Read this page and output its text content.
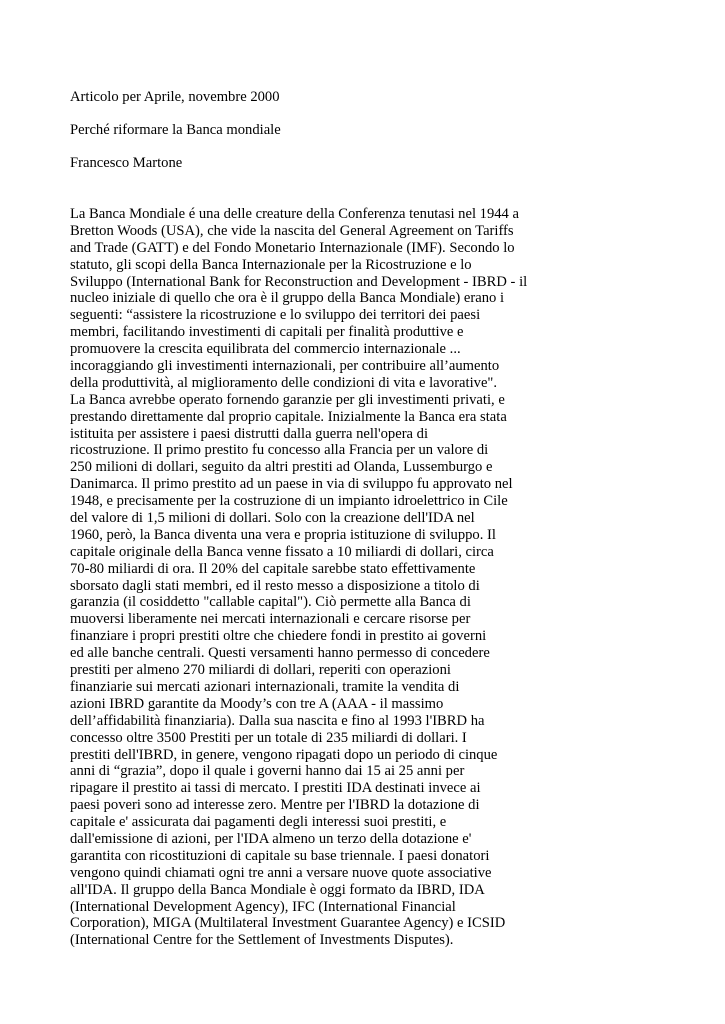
Articolo per Aprile, novembre 2000
Perché riformare la Banca mondiale
Francesco Martone
La Banca Mondiale é una delle creature della Conferenza tenutasi nel 1944 a
Bretton Woods (USA), che vide la nascita del General Agreement on Tariffs
and Trade (GATT) e del Fondo Monetario Internazionale (IMF). Secondo lo
statuto, gli scopi della Banca Internazionale per la Ricostruzione e lo
Sviluppo (International Bank for Reconstruction and Development - IBRD - il
nucleo iniziale di quello che ora è il gruppo della Banca Mondiale) erano i
seguenti: “assistere la ricostruzione e lo sviluppo dei territori dei paesi
membri, facilitando investimenti di capitali per finalità produttive e
promuovere la crescita equilibrata del commercio internazionale ...
incoraggiando gli investimenti internazionali, per contribuire all’aumento
della produttività, al miglioramento delle condizioni di vita e lavorative".
La Banca avrebbe operato fornendo garanzie per gli investimenti privati, e
prestando direttamente dal proprio capitale. Inizialmente la Banca era stata
istituita per assistere i paesi distrutti dalla guerra nell'opera di
ricostruzione. Il primo prestito fu concesso alla Francia per un valore di
250 milioni di dollari, seguito da altri prestiti ad Olanda, Lussemburgo e
Danimarca. Il primo prestito ad un paese in via di sviluppo fu approvato nel
1948, e precisamente per la costruzione di un impianto idroelettrico in Cile
del valore di 1,5 milioni di dollari. Solo con la creazione dell'IDA nel
1960, però, la Banca diventa una vera e propria istituzione di sviluppo. Il
capitale originale della Banca venne fissato a 10 miliardi di dollari, circa
70-80 miliardi di ora. Il 20% del capitale sarebbe stato effettivamente
sborsato dagli stati membri, ed il resto messo a disposizione a titolo di
garanzia (il cosiddetto "callable capital"). Ciò permette alla Banca di
muoversi liberamente nei mercati internazionali e cercare risorse per
finanziare i propri prestiti oltre che chiedere fondi in prestito ai governi
ed alle banche centrali. Questi versamenti hanno permesso di concedere
prestiti per almeno 270 miliardi di dollari, reperiti con operazioni
finanziarie sui mercati azionari internazionali, tramite la vendita di
azioni IBRD garantite da Moody’s con tre A (AAA - il massimo
dell’affidabilità finanziaria). Dalla sua nascita e fino al 1993 l'IBRD ha
concesso oltre 3500 Prestiti per un totale di 235 miliardi di dollari. I
prestiti dell'IBRD, in genere, vengono ripagati dopo un periodo di cinque
anni di “grazia”, dopo il quale i governi hanno dai 15 ai 25 anni per
ripagare il prestito ai tassi di mercato. I prestiti IDA destinati invece ai
paesi poveri sono ad interesse zero. Mentre per l'IBRD la dotazione di
capitale e' assicurata dai pagamenti degli interessi suoi prestiti, e
dall'emissione di azioni, per l'IDA almeno un terzo della dotazione e'
garantita con ricostituzioni di capitale su base triennale. I paesi donatori
vengono quindi chiamati ogni tre anni a versare nuove quote associative
all'IDA. Il gruppo della Banca Mondiale è oggi formato da IBRD, IDA
(International Development Agency), IFC (International Financial
Corporation), MIGA (Multilateral Investment Guarantee Agency) e ICSID
(International Centre for the Settlement of Investments Disputes).
